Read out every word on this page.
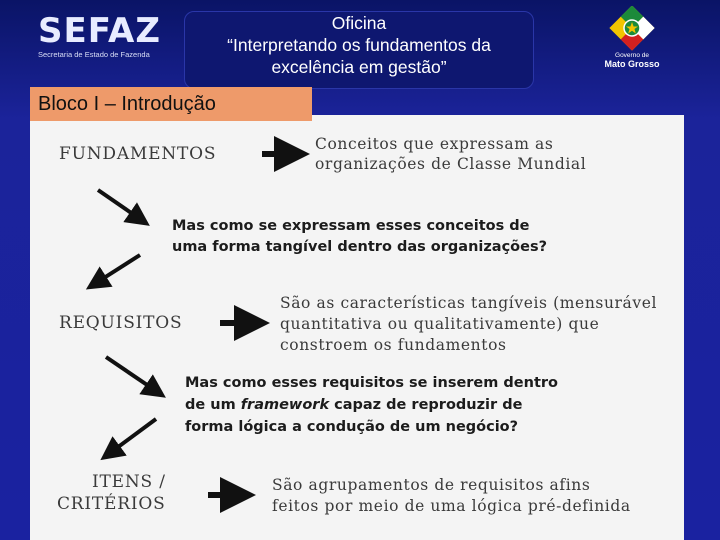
SEFAZ
Secretaria de Estado de Fazenda
Oficina
“Interpretando os fundamentos da
excelência em gestão”
Governo de
Mato Grosso
Bloco I – Introdução
FUNDAMENTOS	Conceitos que expressam as
organizações de Classe Mundial
Mas como se expressam esses conceitos de
uma forma tangível dentro das organizações?
REQUISITOS
São as características tangíveis (mensurável
quantitativa ou qualitativamente) que
constroem os fundamentos
Mas como esses requisitos se inserem dentro
de um framework capaz de reproduzir de
forma lógica a condução de um negócio?
ITENS /
CRITÉRIOS
São agrupamentos de requisitos afins
feitos por meio de uma lógica pré-definida
